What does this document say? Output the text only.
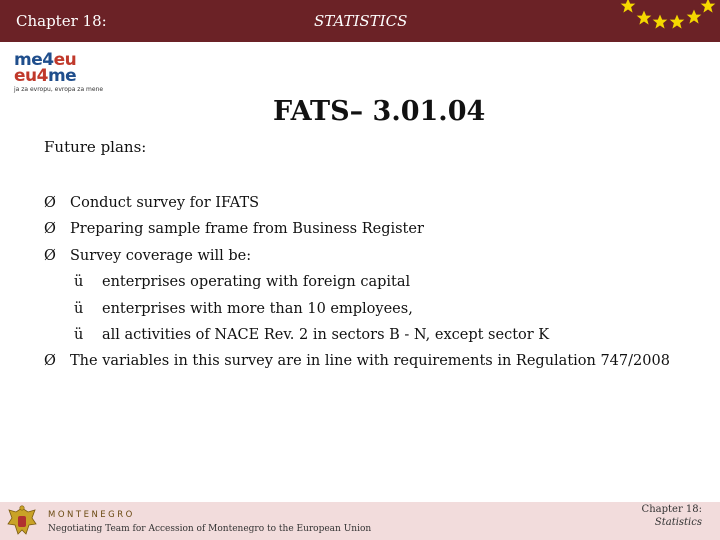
Chapter 18:	STATISTICS
me4eu
eu4me
ja za evropu, evropa za mene
FATS– 3.01.04
Future plans:
Ø Conduct survey for IFATS
Ø Preparing sample frame from Business Register
Ø Survey coverage will be:
ü enterprises operating with foreign capital
ü enterprises with more than 10 employees,
ü all activities of NACE Rev. 2 in sectors B - N, except sector K
Ø The variables in this survey are in line with requirements in Regulation 747/2008
MONTENEGRO
Negotiating Team for Accession of Montenegro to the European Union
Chapter 18:
Statistics
